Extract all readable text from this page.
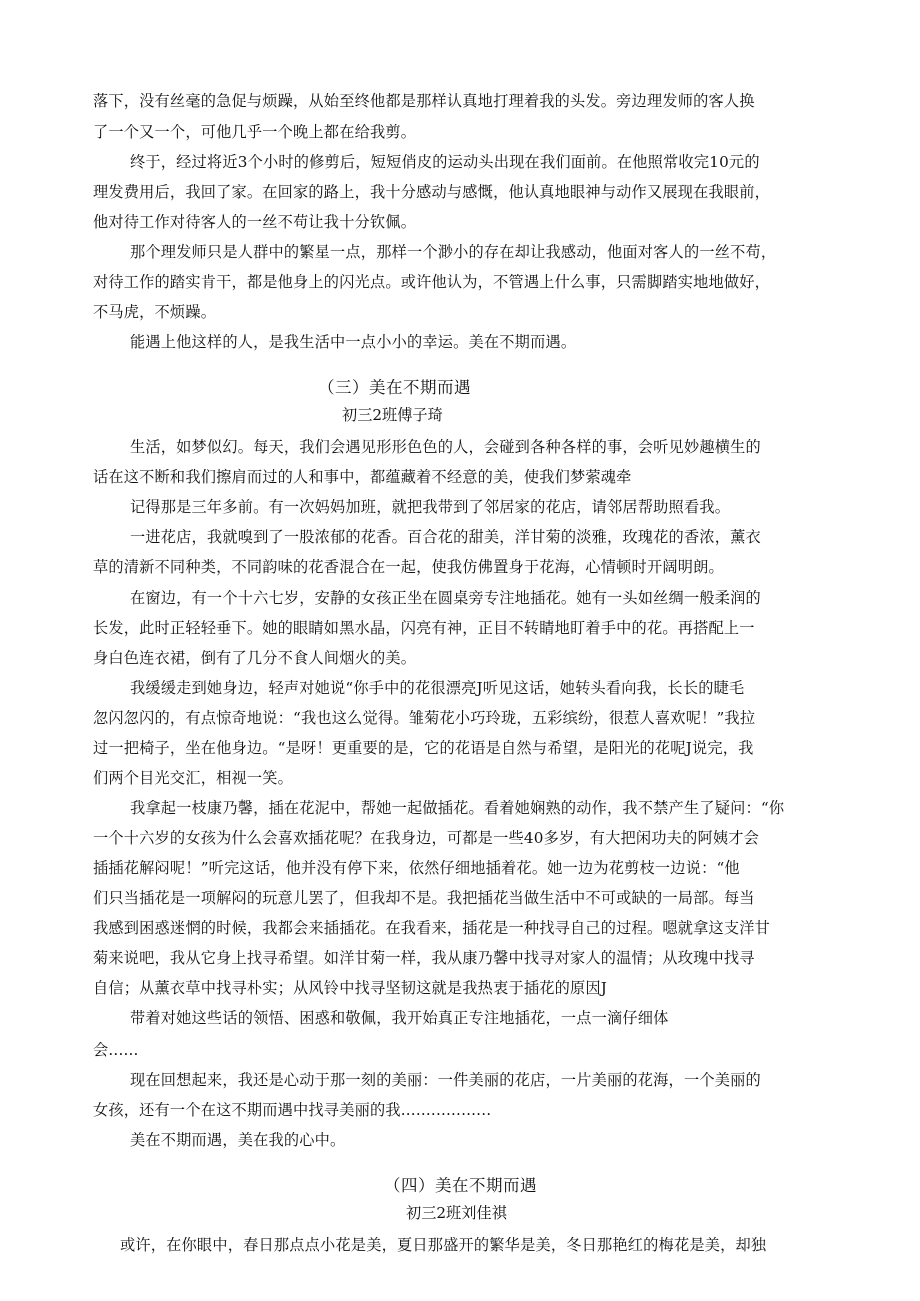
落下，没有丝毫的急促与烦躁，从始至终他都是那样认真地打理着我的头发。旁边理发师的客人换
了一个又一个，可他几乎一个晚上都在给我剪。
终于，经过将近3个小时的修剪后，短短俏皮的运动头出现在我们面前。在他照常收完10元的
理发费用后，我回了家。在回家的路上，我十分感动与感慨，他认真地眼神与动作又展现在我眼前，
他对待工作对待客人的一丝不苟让我十分钦佩。
那个理发师只是人群中的繁星一点，那样一个渺小的存在却让我感动，他面对客人的一丝不苟，
对待工作的踏实肯干，都是他身上的闪光点。或许他认为，不管遇上什么事，只需脚踏实地地做好，
不马虎，不烦躁。
能遇上他这样的人，是我生活中一点小小的幸运。美在不期而遇。
（三）美在不期而遇
初三2班傅子琦
生活，如梦似幻。每天，我们会遇见形形色色的人，会碰到各种各样的事，会听见妙趣横生的
话在这不断和我们擦肩而过的人和事中，都蕴藏着不经意的美，使我们梦萦魂牵
记得那是三年多前。有一次妈妈加班，就把我带到了邻居家的花店，请邻居帮助照看我。
一进花店，我就嗅到了一股浓郁的花香。百合花的甜美，洋甘菊的淡雅，玫瑰花的香浓，薰衣
草的清新不同种类，不同韵味的花香混合在一起，使我仿佛置身于花海，心情顿时开阔明朗。
在窗边，有一个十六七岁，安静的女孩正坐在圆桌旁专注地插花。她有一头如丝绸一般柔润的
长发，此时正轻轻垂下。她的眼睛如黑水晶，闪亮有神，正目不转睛地盯着手中的花。再搭配上一
身白色连衣裙，倒有了几分不食人间烟火的美。
我缓缓走到她身边，轻声对她说“你手中的花很漂亮J听见这话，她转头看向我，长长的睫毛
忽闪忽闪的，有点惊奇地说：“我也这么觉得。雏菊花小巧玲珑，五彩缤纷，很惹人喜欢呢！”我拉
过一把椅子，坐在他身边。“是呀！更重要的是，它的花语是自然与希望，是阳光的花呢J说完，我
们两个目光交汇，相视一笑。
我拿起一枝康乃馨，插在花泥中，帮她一起做插花。看着她娴熟的动作，我不禁产生了疑问：“你
一个十六岁的女孩为什么会喜欢插花呢？在我身边，可都是一些40多岁，有大把闲功夫的阿姨才会
插插花解闷呢！”听完这话，他并没有停下来，依然仔细地插着花。她一边为花剪枝一边说：“他
们只当插花是一项解闷的玩意儿罢了，但我却不是。我把插花当做生活中不可或缺的一局部。每当
我感到困惑迷惘的时候，我都会来插插花。在我看来，插花是一种找寻自己的过程。嗯就拿这支洋甘
菊来说吧，我从它身上找寻希望。如洋甘菊一样，我从康乃馨中找寻对家人的温情；从玫瑰中找寻
自信；从薰衣草中找寻朴实；从风铃中找寻坚韧这就是我热衷于插花的原因J
带着对她这些话的领悟、困惑和敬佩，我开始真正专注地插花，一点一滴仔细体
会......
现在回想起来，我还是心动于那一刻的美丽：一件美丽的花店，一片美丽的花海，一个美丽的
女孩，还有一个在这不期而遇中找寻美丽的我..................
美在不期而遇，美在我的心中。
（四）美在不期而遇
初三2班刘佳祺
或许，在你眼中，春日那点点小花是美，夏日那盛开的繁华是美，冬日那艳红的梅花是美，却独
